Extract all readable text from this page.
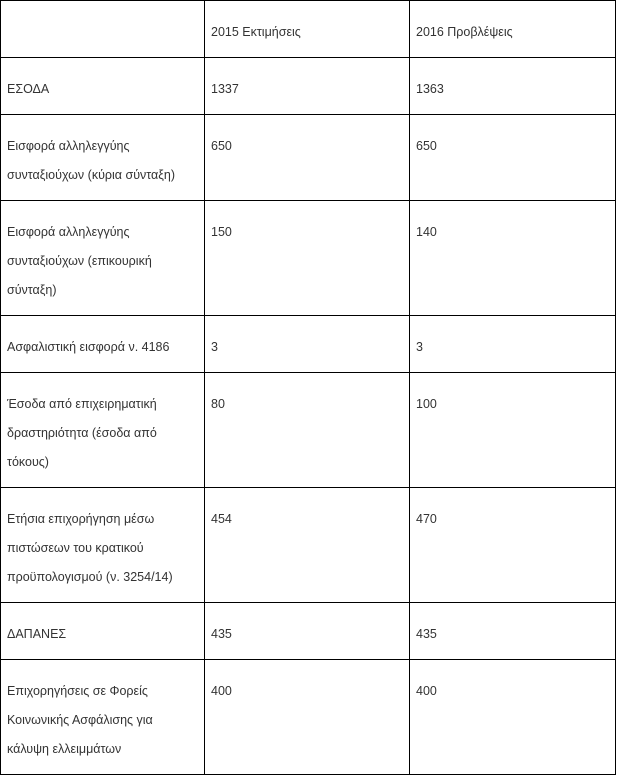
	2015 Εκτιμήσεις	2016 Προβλέψεις
ΕΣΟΔΑ	1337	1363
Εισφορά αλληλεγγύης συνταξιούχων (κύρια σύνταξη)	650	650
Εισφορά αλληλεγγύης συνταξιούχων (επικουρική σύνταξη)	150	140
Ασφαλιστική εισφορά ν. 4186	3	3
Έσοδα από επιχειρηματική δραστηριότητα (έσοδα από τόκους)	80	100
Ετήσια επιχορήγηση μέσω πιστώσεων του κρατικού προϋπολογισμού (ν. 3254/14)	454	470
ΔΑΠΑΝΕΣ	435	435
Επιχορηγήσεις σε Φορείς Κοινωνικής Ασφάλισης για κάλυψη ελλειμμάτων	400	400
